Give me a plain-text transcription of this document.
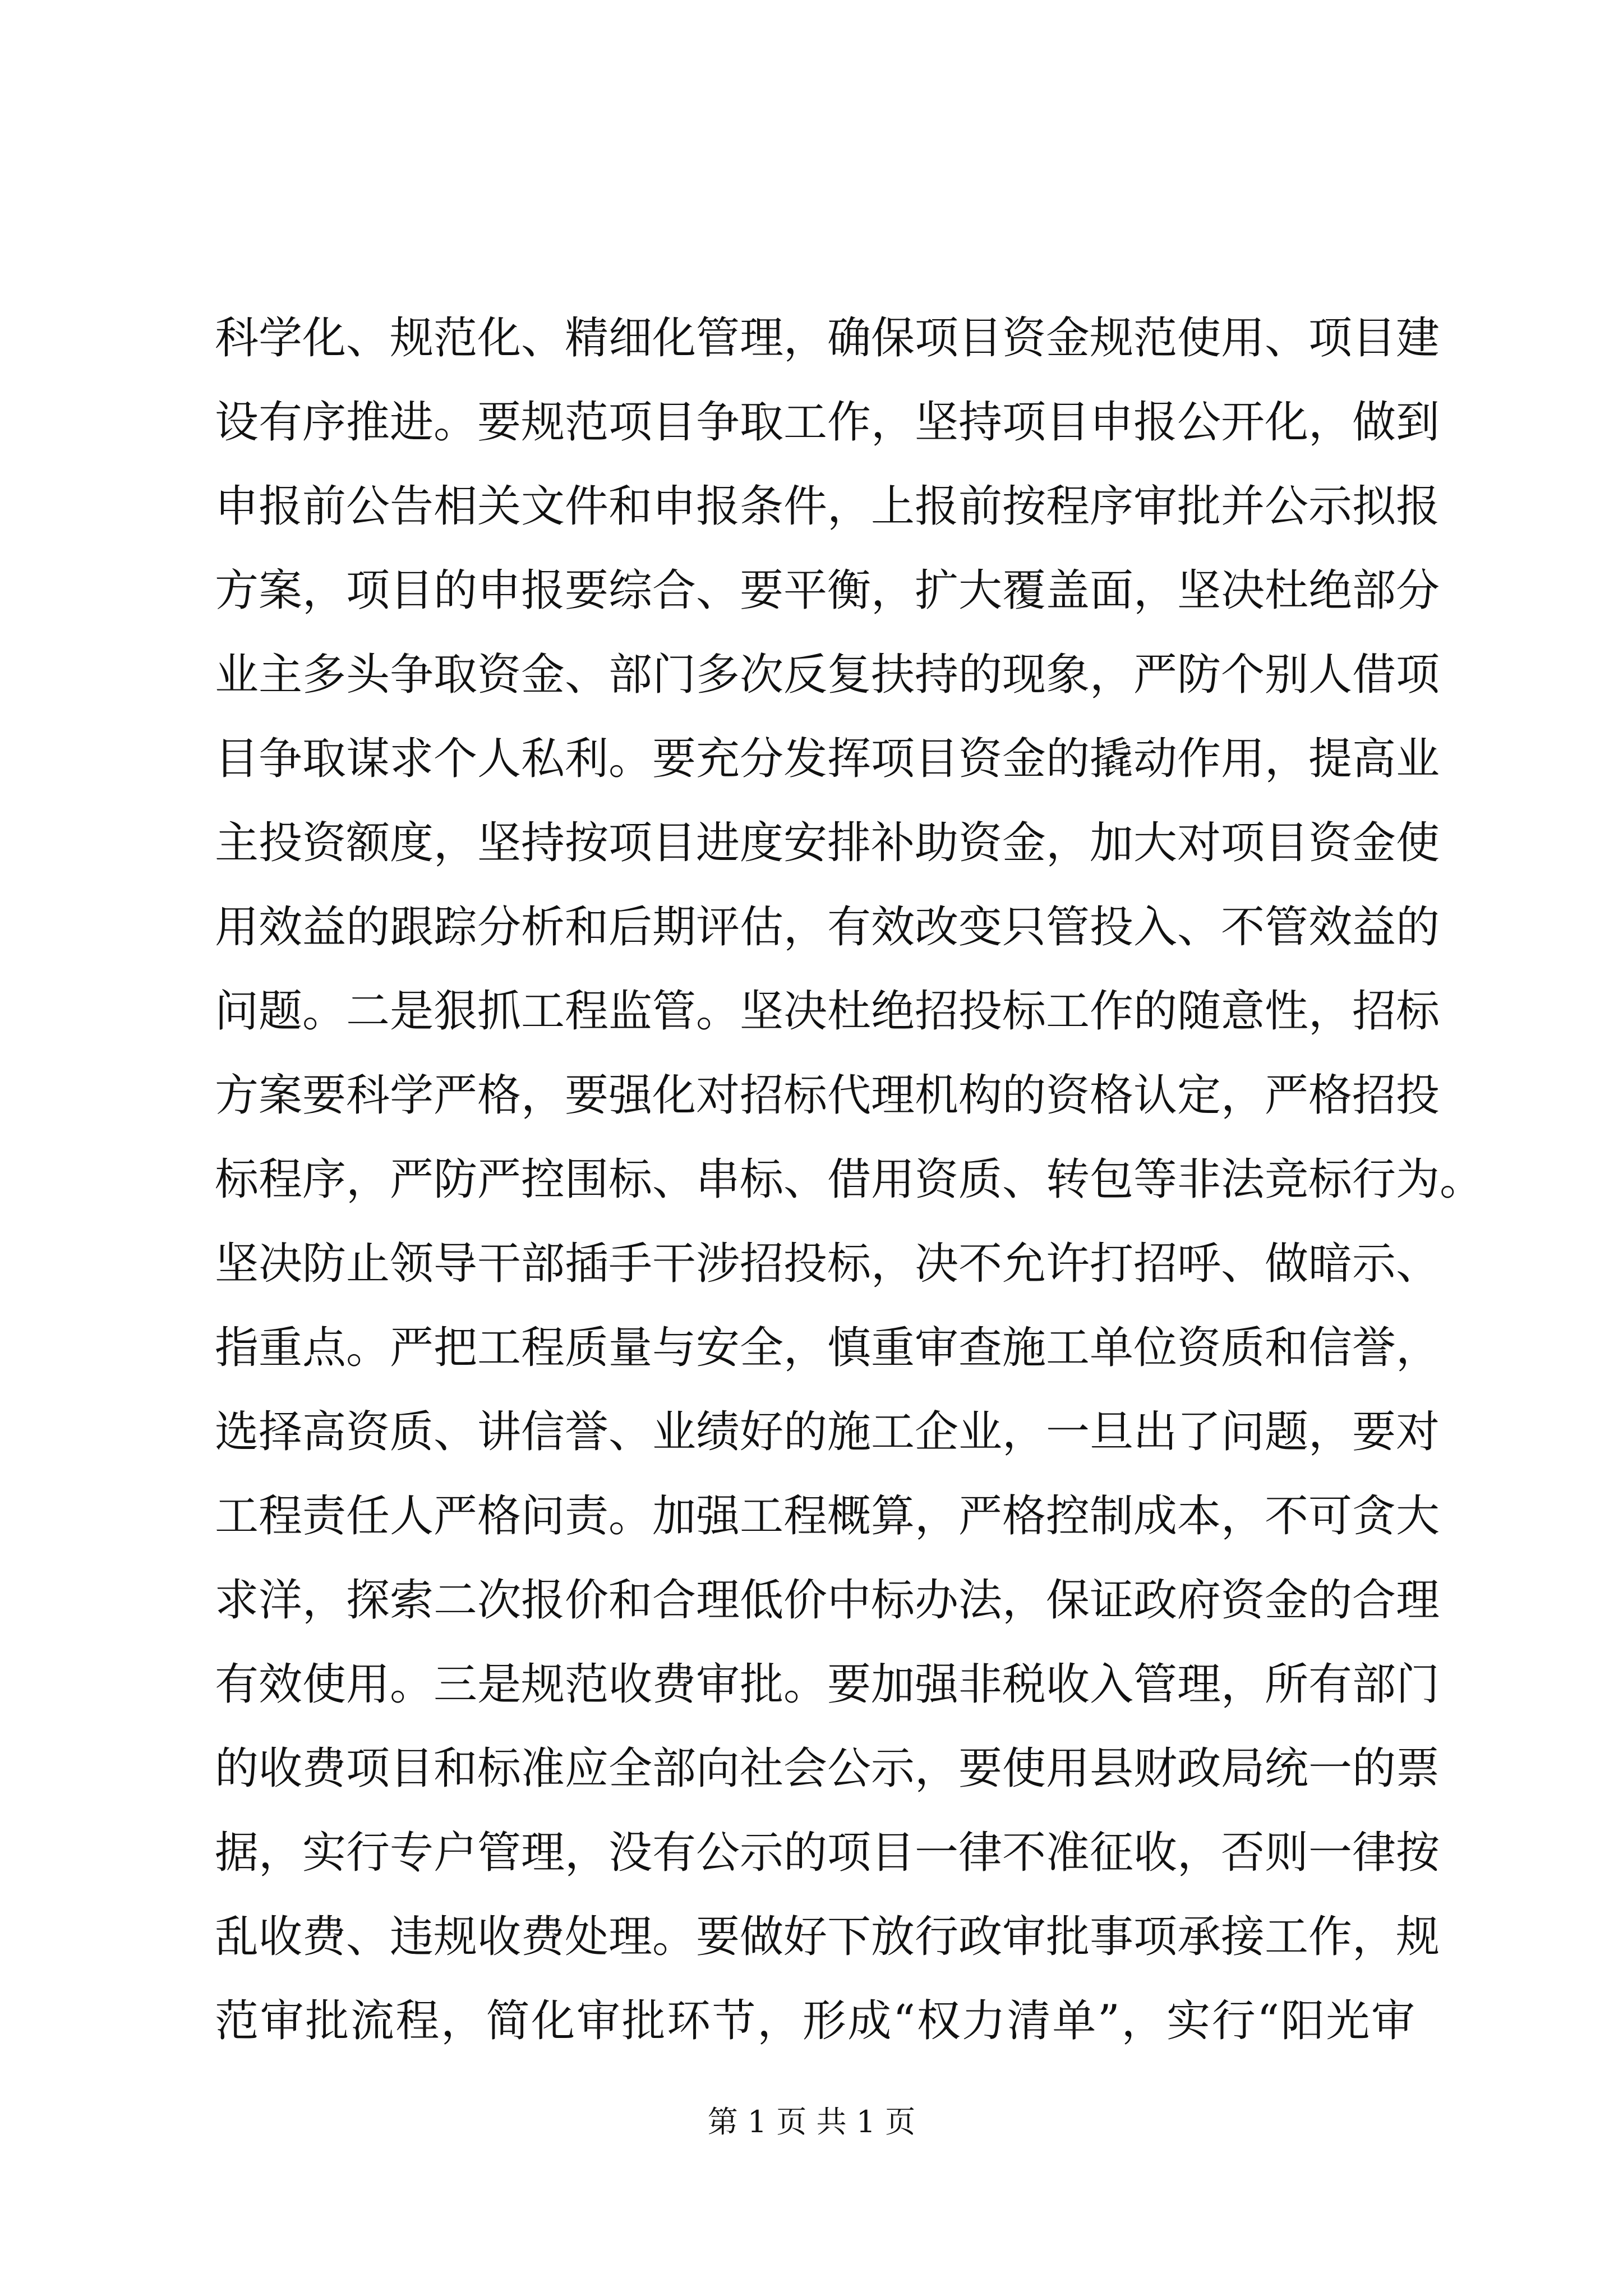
科学化、规范化、精细化管理，确保项目资金规范使用、项目建
设有序推进。要规范项目争取工作，坚持项目申报公开化，做到
申报前公告相关文件和申报条件，上报前按程序审批并公示拟报
方案，项目的申报要综合、要平衡，扩大覆盖面，坚决杜绝部分
业主多头争取资金、部门多次反复扶持的现象，严防个别人借项
目争取谋求个人私利。要充分发挥项目资金的撬动作用，提高业
主投资额度，坚持按项目进度安排补助资金，加大对项目资金使
用效益的跟踪分析和后期评估，有效改变只管投入、不管效益的
问题。二是狠抓工程监管。坚决杜绝招投标工作的随意性，招标
方案要科学严格，要强化对招标代理机构的资格认定，严格招投
标程序，严防严控围标、串标、借用资质、转包等非法竞标行为。
坚决防止领导干部插手干涉招投标，决不允许打招呼、做暗示、
指重点。严把工程质量与安全，慎重审查施工单位资质和信誉，
选择高资质、讲信誉、业绩好的施工企业，一旦出了问题，要对
工程责任人严格问责。加强工程概算，严格控制成本，不可贪大
求洋，探索二次报价和合理低价中标办法，保证政府资金的合理
有效使用。三是规范收费审批。要加强非税收入管理，所有部门
的收费项目和标准应全部向社会公示，要使用县财政局统一的票
据，实行专户管理，没有公示的项目一律不准征收，否则一律按
乱收费、违规收费处理。要做好下放行政审批事项承接工作，规
范审批流程，简化审批环节，形成“权力清单”，实行“阳光审
第 1 页 共 1 页
